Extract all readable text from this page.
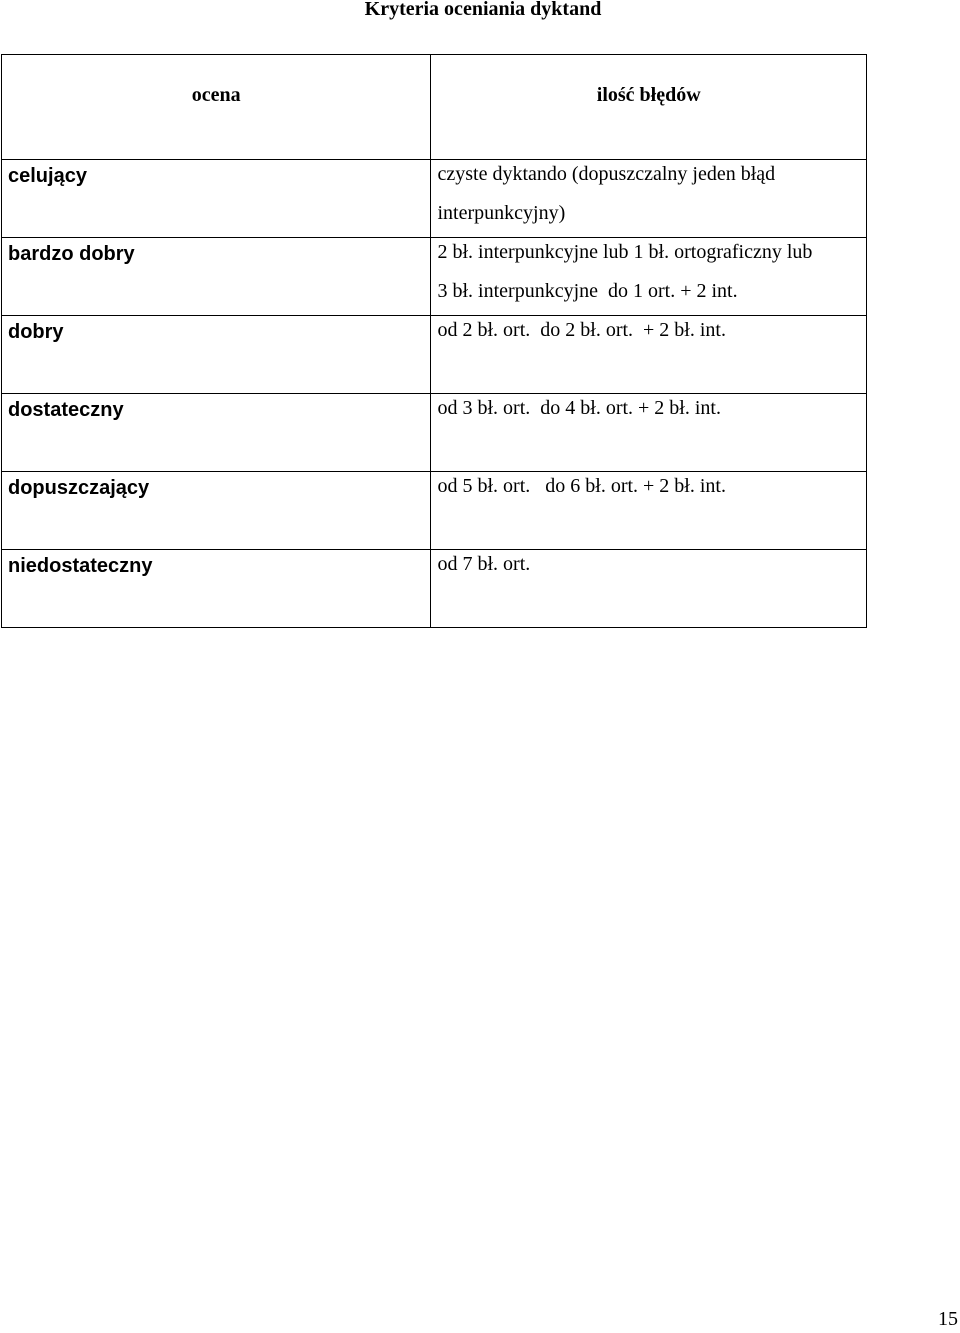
Kryteria oceniania dyktand
ocena	ilość błędów
celujący	czyste dyktando (dopuszczalny jeden błąd
interpunkcyjny)

bardzo dobry	2 bł. interpunkcyjne lub 1 bł. ortograficzny lub
3 bł. interpunkcyjne  do 1 ort. + 2 int.

dobry	od 2 bł. ort.  do 2 bł. ort.  + 2 bł. int.

dostateczny	od 3 bł. ort.  do 4 bł. ort. + 2 bł. int.

dopuszczający	od 5 bł. ort.   do 6 bł. ort. + 2 bł. int.

niedostateczny	od 7 bł. ort.
15
